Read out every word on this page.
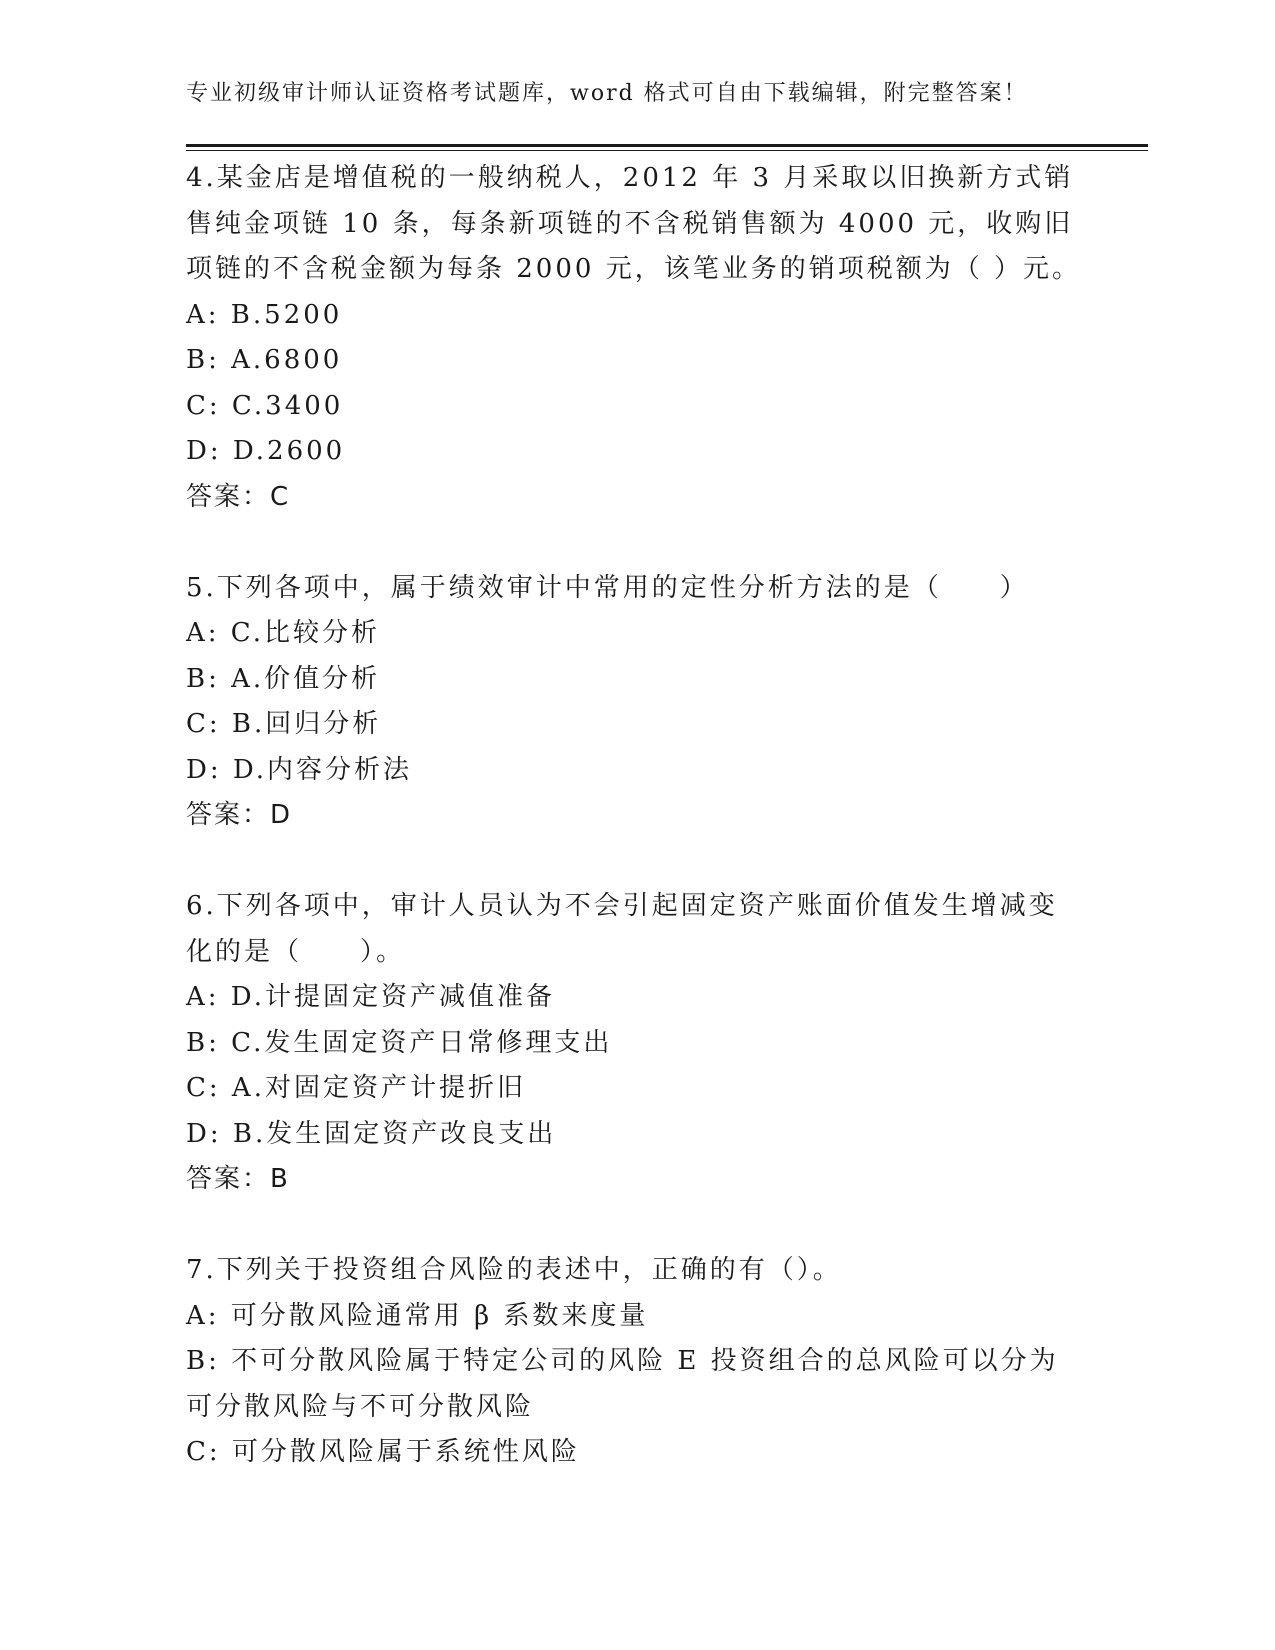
专业初级审计师认证资格考试题库，word 格式可自由下载编辑，附完整答案！

4.某金店是增值税的一般纳税人，2012 年 3 月采取以旧换新方式销售纯金项链 10 条，每条新项链的不含税销售额为 4000 元，收购旧项链的不含税金额为每条 2000 元，该笔业务的销项税额为（ ）元。

A: B.5200

B: A.6800

C: C.3400

D: D.2600

答案：C

5.下列各项中，属于绩效审计中常用的定性分析方法的是（　　）

A: C.比较分析

B: A.价值分析

C: B.回归分析

D: D.内容分析法

答案：D

6.下列各项中，审计人员认为不会引起固定资产账面价值发生增减变化的是（　　）。

A: D.计提固定资产减值准备

B: C.发生固定资产日常修理支出

C: A.对固定资产计提折旧

D: B.发生固定资产改良支出

答案：B

7.下列关于投资组合风险的表述中，正确的有（）。

A: 可分散风险通常用 β 系数来度量

B: 不可分散风险属于特定公司的风险 E 投资组合的总风险可以分为可分散风险与不可分散风险

C: 可分散风险属于系统性风险
